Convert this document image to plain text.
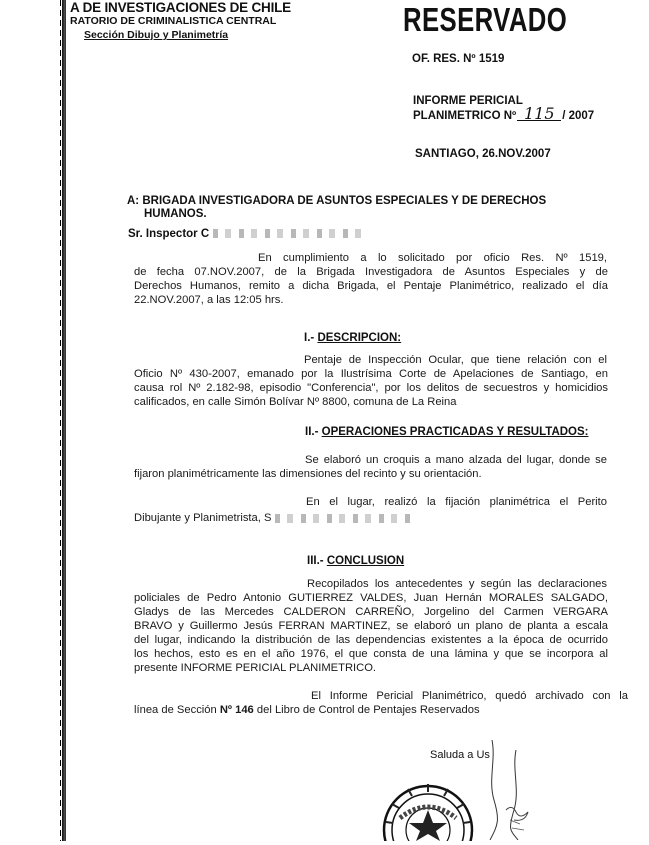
A DE INVESTIGACIONES DE CHILE
RATORIO DE CRIMINALISTICA CENTRAL
Sección Dibujo y Planimetría	RESERVADO
OF. RES. Nº 1519
INFORME PERICIAL
PLANIMETRICO Nº 115 / 2007
SANTIAGO, 26.NOV.2007
A: BRIGADA INVESTIGADORA DE ASUNTOS ESPECIALES Y DE DERECHOS
HUMANOS.
Sr. Inspector C
En cumplimiento a lo solicitado por oficio Res. Nº 1519,
de fecha 07.NOV.2007, de la Brigada Investigadora de Asuntos Especiales y de
Derechos Humanos, remito a dicha Brigada, el Pentaje Planimétrico, realizado el día
22.NOV.2007, a las 12:05 hrs.
I.- DESCRIPCION:
Pentaje de Inspección Ocular, que tiene relación con el
Oficio Nº 430-2007, emanado por la Ilustrísima Corte de Apelaciones de Santiago, en
causa rol Nº 2.182-98, episodio "Conferencia", por los delitos de secuestros y homicidios
calificados, en calle Simón Bolívar Nº 8800, comuna de La Reina
II.- OPERACIONES PRACTICADAS Y RESULTADOS:
Se elaboró un croquis a mano alzada del lugar, donde se
fijaron planimétricamente las dimensiones del recinto y su orientación.
En el lugar, realizó la fijación planimétrica el Perito
Dibujante y Planimetrista, S
III.- CONCLUSION
Recopilados los antecedentes y según las declaraciones
policiales de Pedro Antonio GUTIERREZ VALDES, Juan Hernán MORALES SALGADO,
Gladys de las Mercedes CALDERON CARREÑO, Jorgelino del Carmen VERGARA
BRAVO y Guillermo Jesús FERRAN MARTINEZ, se elaboró un plano de planta a escala
del lugar, indicando la distribución de las dependencias existentes a la época de ocurrido
los hechos, esto es en el año 1976, el que consta de una lámina y que se incorpora al
presente INFORME PERICIAL PLANIMETRICO.
El Informe Pericial Planimétrico, quedó archivado con la
línea de Sección Nº 146 del Libro de Control de Pentajes Reservados
Saluda a Us
